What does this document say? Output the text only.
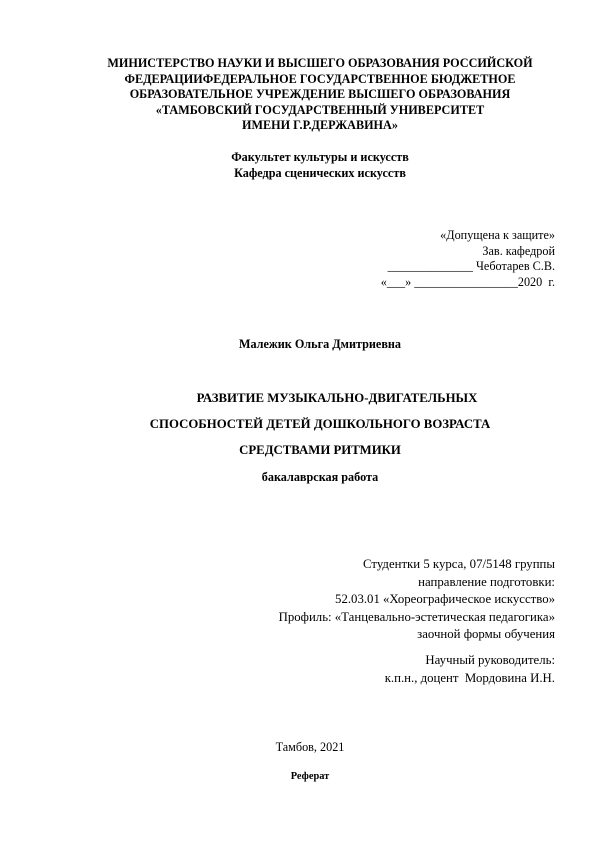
МИНИСТЕРСТВО НАУКИ И ВЫСШЕГО ОБРАЗОВАНИЯ РОССИЙСКОЙ
ФЕДЕРАЦИИФЕДЕРАЛЬНОЕ ГОСУДАРСТВЕННОЕ БЮДЖЕТНОЕ
ОБРАЗОВАТЕЛЬНОЕ УЧРЕЖДЕНИЕ ВЫСШЕГО ОБРАЗОВАНИЯ
«ТАМБОВСКИЙ ГОСУДАРСТВЕННЫЙ УНИВЕРСИТЕТ
ИМЕНИ Г.Р.ДЕРЖАВИНА»
Факультет культуры и искусств
Кафедра сценических искусств
«Допущена к защите»
Зав. кафедрой
______________ Чеботарев С.В.
«___» _________________2020  г.
Малежик Ольга Дмитриевна
РАЗВИТИЕ МУЗЫКАЛЬНО-ДВИГАТЕЛЬНЫХ
СПОСОБНОСТЕЙ ДЕТЕЙ ДОШКОЛЬНОГО ВОЗРАСТА
СРЕДСТВАМИ РИТМИКИ
бакалаврская работа
Студентки 5 курса, 07/5148 группы
направление подготовки:
52.03.01 «Хореографическое искусство»
Профиль: «Танцевально-эстетическая педагогика»
заочной формы обучения
Научный руководитель:
к.п.н., доцент  Мордовина И.Н.
Тамбов, 2021
Реферат
